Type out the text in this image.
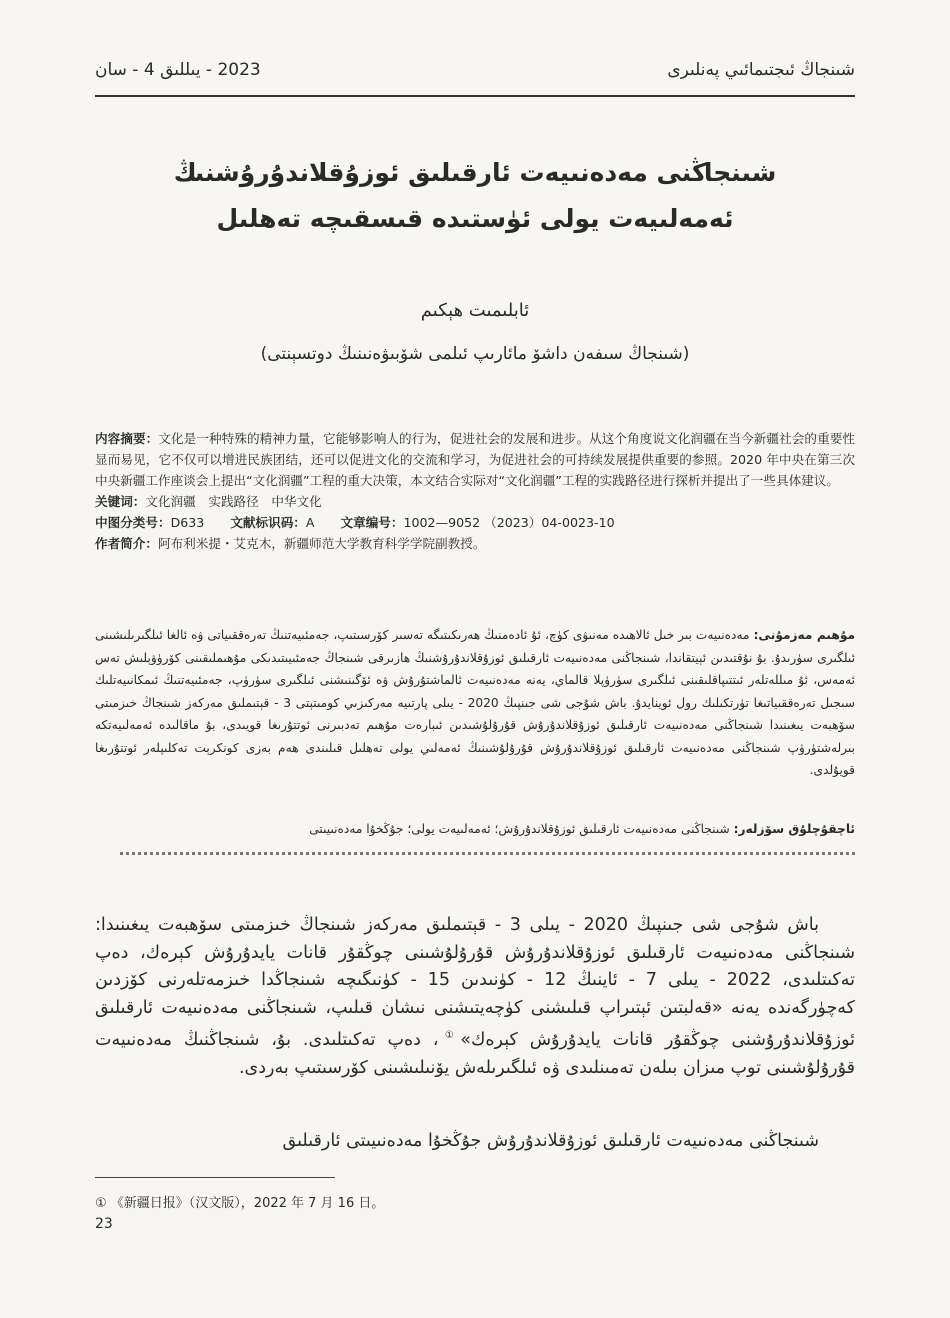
2023 - يىللىق 4 - سان	شىنجاڭ ئىجتىمائىي پەنلىرى
شىنجاڭنى مەدەنىيەت ئارقىلىق ئوزۇقلاندۇرۇشنىڭ
ئەمەلىيەت يولى ئۈستىدە قىسقىچە تەھلىل
ئابلىمىت ھېكىم
(شىنجاڭ سىفەن داشۆ مائارىپ ئىلمى شۆبىۋەنىنىڭ دوتسېنتى)
内容摘要：文化是一种特殊的精神力量，它能够影响人的行为，促进社会的发展和进步。从这个角度说文化润疆在当今新疆社会的重要性显而易见，它不仅可以增进民族团结，还可以促进文化的交流和学习，为促进社会的可持续发展提供重要的参照。2020 年中央在第三次中央新疆工作座谈会上提出“文化润疆”工程的重大决策，本文结合实际对“文化润疆”工程的实践路径进行探析并提出了一些具体建议。
关键词：文化润疆　实践路径　中华文化
中图分类号：D633 文献标识码：A 文章编号：1002—9052 （2023）04-0023-10
作者简介：阿布利米提・艾克木，新疆师范大学教育科学学院副教授。
مۇھىم مەزمۇنى: مەدەنىيەت بىر خىل ئالاھىدە مەنىۋى كۈچ، ئۇ ئادەمنىڭ ھەرىكىتىگە تەسىر كۆرسىتىپ، جەمئىيەتنىڭ تەرەققىياتى ۋە ئالغا ئىلگىرىلىشىنى ئىلگىرى سۈرىدۇ. بۇ نۇقتىدىن ئېيتقاندا، شىنجاڭنى مەدەنىيەت ئارقىلىق ئوزۇقلاندۇرۇشنىڭ ھازىرقى شىنجاڭ جەمئىيىتىدىكى مۇھىملىقىنى كۆرۈۋېلىش تەس ئەمەس، ئۇ مىللەتلەر ئىتتىپاقلىقىنى ئىلگىرى سۈرۈپلا قالماي، يەنە مەدەنىيەت ئالماشتۇرۇش ۋە ئۆگىنىشنى ئىلگىرى سۈرۈپ، جەمئىيەتنىڭ ئىمكانىيەتلىك سىجىل تەرەققىياتىغا تۈرتكىلىك رول ئوينايدۇ. باش شۇجى شى جىنپىڭ 2020 - يىلى پارتىيە مەركىزىي كومىتېتى 3 - قېتىملىق مەركەز شىنجاڭ خىزمىتى سۆھبەت يىغىنىدا شىنجاڭنى مەدەنىيەت ئارقىلىق ئوزۇقلاندۇرۇش قۇرۇلۇشىدىن ئىبارەت مۇھىم تەدبىرنى ئوتتۇرىغا قويىدى، بۇ ماقالىدە ئەمەلىيەتكە بىرلەشتۈرۈپ شىنجاڭنى مەدەنىيەت ئارقىلىق ئوزۇقلاندۇرۇش قۇرۇلۇشىنىڭ ئەمەلىي يولى تەھلىل قىلىندى ھەم بەزى كونكرېت تەكلىپلەر ئوتتۇرىغا قويۇلدى.
ئاچقۇچلۇق سۆزلەر: شىنجاڭنى مەدەنىيەت ئارقىلىق ئوزۇقلاندۇرۇش؛ ئەمەلىيەت يولى؛ جۇڭخۇا مەدەنىيىتى
باش شۇجى شى جىنپىڭ 2020 - يىلى 3 - قېتىملىق مەركەز شىنجاڭ خىزمىتى سۆھبەت يىغىنىدا: شىنجاڭنى مەدەنىيەت ئارقىلىق ئوزۇقلاندۇرۇش قۇرۇلۇشىنى چوڭقۇر قانات يايدۇرۇش كېرەك، دەپ تەكىتلىدى، 2022 - يىلى 7 - ئاينىڭ 12 - كۈنىدىن 15 - كۈنىگىچە شىنجاڭدا خىزمەتلەرنى كۆزدىن كەچۈرگەندە يەنە «قەلبتىن ئېتىراپ قىلىشنى كۈچەيتىشنى نىشان قىلىپ، شىنجاڭنى مەدەنىيەت ئارقىلىق ئوزۇقلاندۇرۇشنى چوڭقۇر قانات يايدۇرۇش كېرەك»①، دەپ تەكىتلىدى. بۇ، شىنجاڭنىڭ مەدەنىيەت قۇرۇلۇشىنى توپ مىزان بىلەن تەمىنلىدى ۋە ئىلگىرىلەش يۆنىلىشىنى كۆرسىتىپ بەردى.
شىنجاڭنى مەدەنىيەت ئارقىلىق ئوزۇقلاندۇرۇش جۇڭخۇا مەدەنىيىتى ئارقىلىق
① 《新疆日报》（汉文版），2022 年 7 月 16 日。
23
